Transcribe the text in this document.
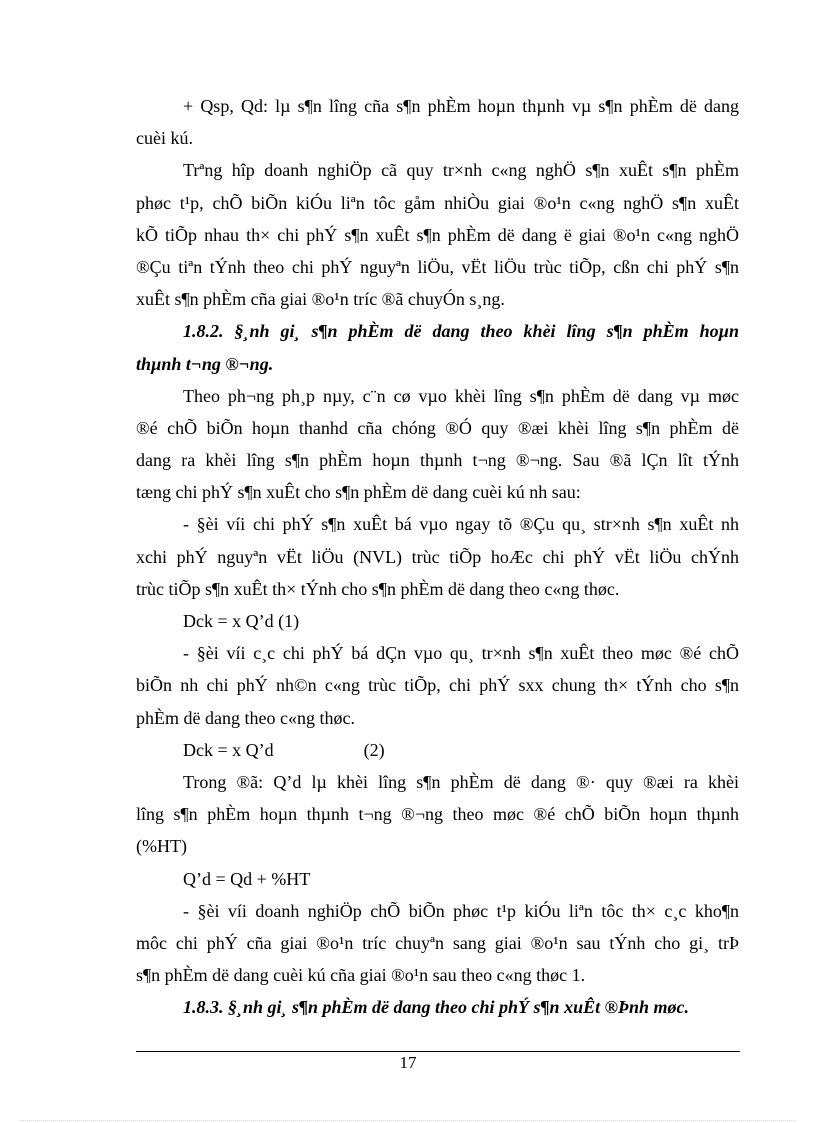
+ Qsp, Qd: lµ s¶n lîng cña s¶n phÈm hoµn thµnh vµ s¶n phÈm dë dang
cuèi kú.
Trªng hîp doanh nghiÖp cã quy tr×nh c«ng nghÖ s¶n xuÊt s¶n phÈm
phøc t¹p, chÕ biÕn kiÓu liªn tôc gåm nhiÒu giai ®o¹n c«ng nghÖ s¶n xuÊt
kÕ tiÕp nhau th× chi phÝ s¶n xuÊt s¶n phÈm dë dang ë giai ®o¹n c«ng nghÖ
®Çu tiªn tÝnh theo chi phÝ nguyªn liÖu, vËt liÖu trùc tiÕp, cßn chi phÝ s¶n
xuÊt s¶n phÈm cña giai ®o¹n tríc ®ã chuyÓn s¸ng.
1.8.2. §¸nh gi¸ s¶n phÈm dë dang theo khèi lîng s¶n phÈm hoµn
thµnh t¬ng ®¬ng.
Theo ph¬ng ph¸p nµy, c¨n cø vµo khèi lîng s¶n phÈm dë dang vµ møc
®é chÕ biÕn hoµn thanhd cña chóng ®Ó quy ®æi khèi lîng s¶n phÈm dë
dang ra khèi lîng s¶n phÈm hoµn thµnh t¬ng ®¬ng. Sau ®ã lÇn lît tÝnh
tæng chi phÝ s¶n xuÊt cho s¶n phÈm dë dang cuèi kú nh sau:
- §èi víi chi phÝ s¶n xuÊt bá vµo ngay tõ ®Çu qu¸ str×nh s¶n xuÊt nh
xchi phÝ nguyªn vËt liÖu (NVL) trùc tiÕp hoÆc chi phÝ vËt liÖu chÝnh
trùc tiÕp s¶n xuÊt th× tÝnh cho s¶n phÈm dë dang theo c«ng thøc.
Dck = x Q’d (1)
- §èi víi c¸c chi phÝ bá dÇn vµo qu¸ tr×nh s¶n xuÊt theo møc ®é chÕ
biÕn nh chi phÝ nh©n c«ng trùc tiÕp, chi phÝ sxx chung th× tÝnh cho s¶n
phÈm dë dang theo c«ng thøc.
Dck = x Q’d	(2)
Trong ®ã: Q’d lµ khèi lîng s¶n phÈm dë dang ®· quy ®æi ra khèi
lîng s¶n phÈm hoµn thµnh t¬ng ®¬ng theo møc ®é chÕ biÕn hoµn thµnh
(%HT)
Q’d = Qd + %HT
- §èi víi doanh nghiÖp chÕ biÕn phøc t¹p kiÓu liªn tôc th× c¸c kho¶n
môc chi phÝ cña giai ®o¹n tríc chuyªn sang giai ®o¹n sau tÝnh cho gi¸ trÞ
s¶n phÈm dë dang cuèi kú cña giai ®o¹n sau theo c«ng thøc 1.
1.8.3. §¸nh gi¸ s¶n phÈm dë dang theo chi phÝ s¶n xuÊt ®Þnh møc.
17
